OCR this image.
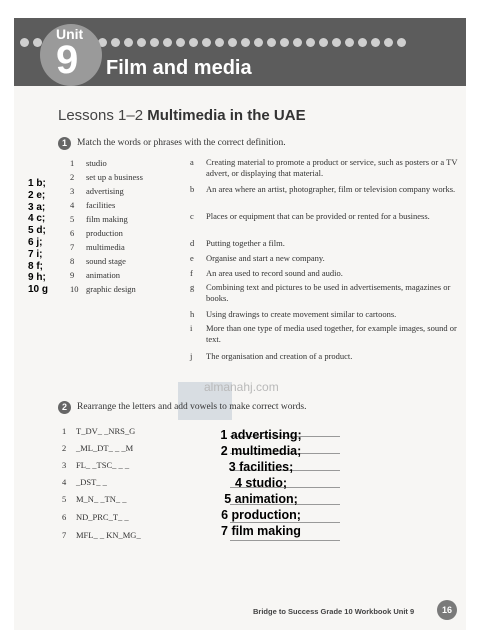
Unit
9 Film and media
Lessons 1–2 Multimedia in the UAE
1	Match the words or phrases with the correct definition.
1 studio
2 set up a business
3 advertising
4 facilities
5 film making
6 production
7 multimedia
8 sound stage
9 animation
10 graphic design
a Creating material to promote a product or service, such as posters or a TV advert, or displaying that material.
b An area where an artist, photographer, film or television company works.
c Places or equipment that can be provided or rented for a business.
d Putting together a film.
e Organise and start a new company.
f An area used to record sound and audio.
g Combining text and pictures to be used in advertisements, magazines or books.
h Using drawings to create movement similar to cartoons.
i More than one type of media used together, for example images, sound or text.
j The organisation and creation of a product.
1 b;
2 e;
3 a;
4 c;
5 d;
6 j;
7 i;
8 f;
9 h;
10 g
almanahj.com
2	Rearrange the letters and add vowels to make correct words.
1 T_DV_ _NRS_G
2 _ML_DT_ _ _M
3 FL_ _TSC_ _ _
4 _DST_ _
5 M_N_ _TN_ _
6 ND_PRC_T_ _
7 MFL_ _ KN_MG_
1 advertising;
2 multimedia;
3 facilities;
4 studio;
5 animation;
6 production;
7 film making
Bridge to Success Grade 10 Workbook Unit 9	16
